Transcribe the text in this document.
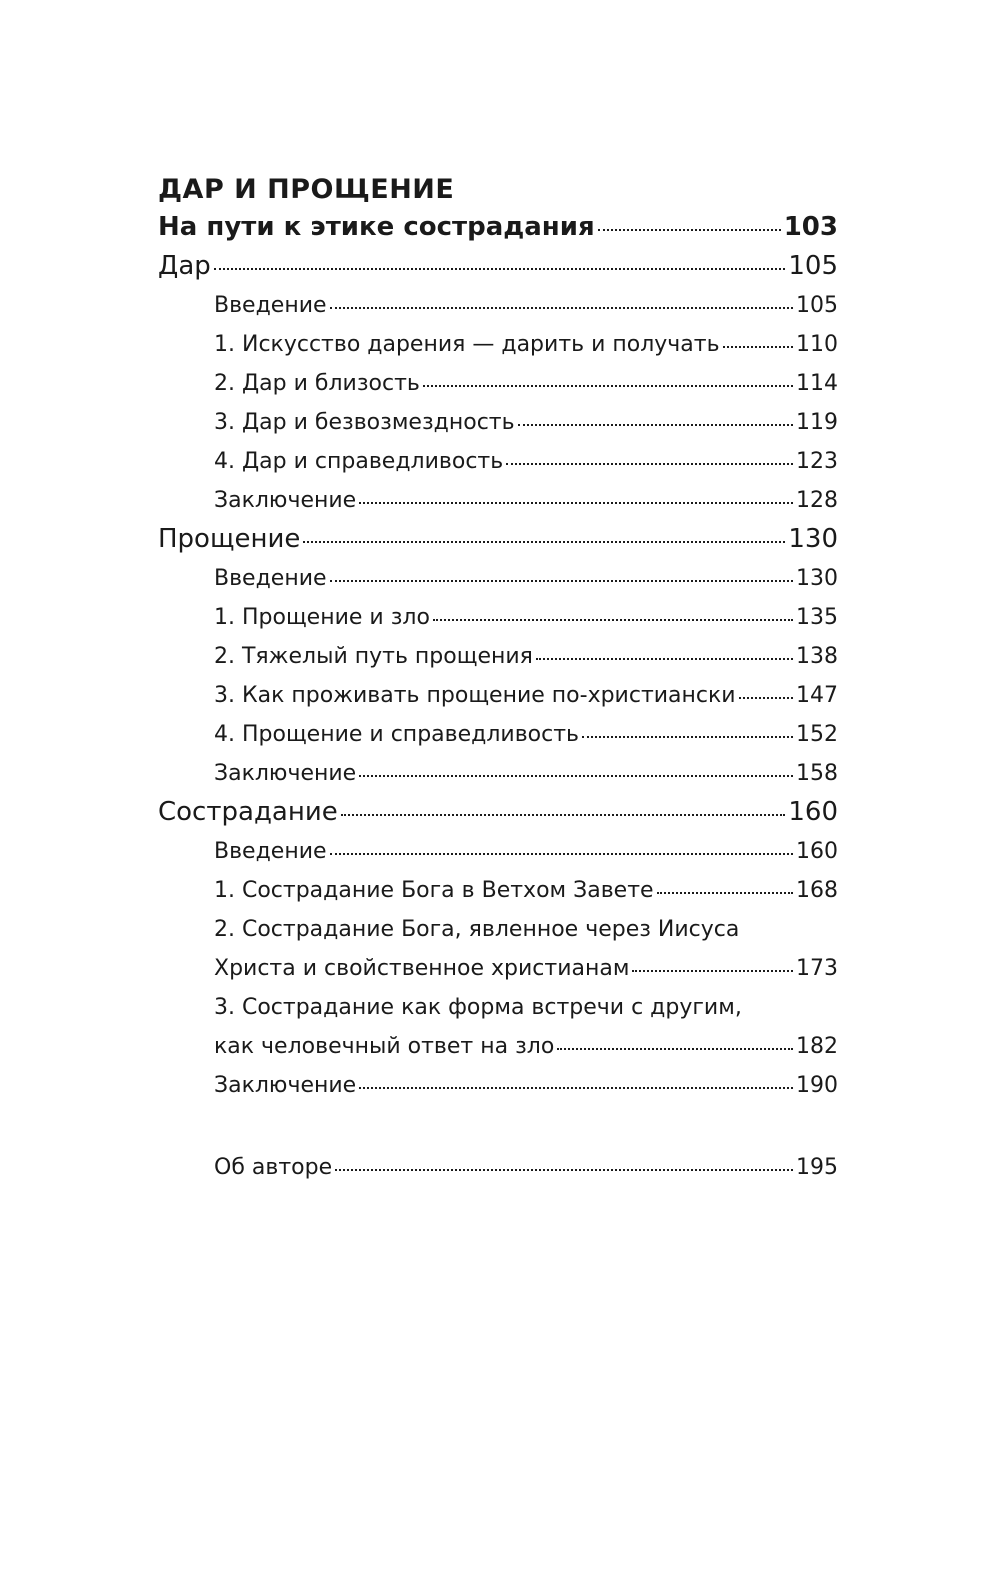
ДАР И ПРОЩЕНИЕ
На пути к этике сострадания	103
Дар	105
Введение	105
1. Искусство дарения — дарить и получать	110
2. Дар и близость	114
3. Дар и безвозмездность	119
4. Дар и справедливость	123
Заключение	128
Прощение	130
Введение	130
1. Прощение и зло	135
2. Тяжелый путь прощения	138
3. Как проживать прощение по-христиански	147
4. Прощение и справедливость	152
Заключение	158
Сострадание	160
Введение	160
1. Сострадание Бога в Ветхом Завете	168
2. Сострадание Бога, явленное через Иисуса
Христа и свойственное христианам	173
3. Сострадание как форма встречи с другим,
как человечный ответ на зло	182
Заключение	190
Об авторе	195
